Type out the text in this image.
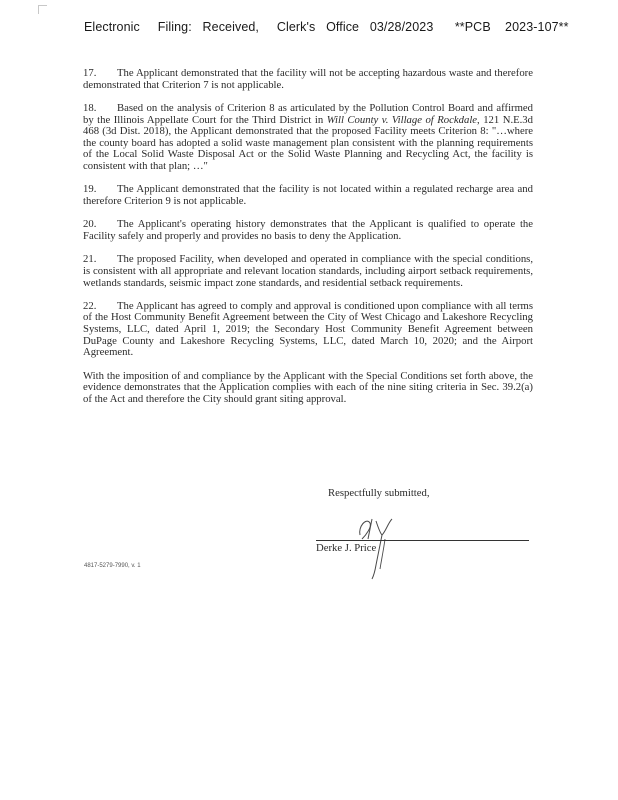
Electronic     Filing:   Received,     Clerk's   Office   03/28/2023      **PCB    2023-107**

17. The Applicant demonstrated that the facility will not be accepting hazardous waste and therefore demonstrated that Criterion 7 is not applicable.

18. Based on the analysis of Criterion 8 as articulated by the Pollution Control Board and affirmed by the Illinois Appellate Court for the Third District in Will County v. Village of Rockdale, 121 N.E.3d 468 (3d Dist. 2018), the Applicant demonstrated that the proposed Facility meets Criterion 8: "…where the county board has adopted a solid waste management plan consistent with the planning requirements of the Local Solid Waste Disposal Act or the Solid Waste Planning and Recycling Act, the facility is consistent with that plan; …"

19. The Applicant demonstrated that the facility is not located within a regulated recharge area and therefore Criterion 9 is not applicable.

20. The Applicant's operating history demonstrates that the Applicant is qualified to operate the Facility safely and properly and provides no basis to deny the Application.

21. The proposed Facility, when developed and operated in compliance with the special conditions, is consistent with all appropriate and relevant location standards, including airport setback requirements, wetlands standards, seismic impact zone standards, and residential setback requirements.

22. The Applicant has agreed to comply and approval is conditioned upon compliance with all terms of the Host Community Benefit Agreement between the City of West Chicago and Lakeshore Recycling Systems, LLC, dated April 1, 2019; the Secondary Host Community Benefit Agreement between DuPage County and Lakeshore Recycling Systems, LLC, dated March 10, 2020; and the Airport Agreement.

With the imposition of and compliance by the Applicant with the Special Conditions set forth above, the evidence demonstrates that the Application complies with each of the nine siting criteria in Sec. 39.2(a) of the Act and therefore the City should grant siting approval.

Respectfully submitted,
Derke J. Price
4817-5279-7990, v. 1
